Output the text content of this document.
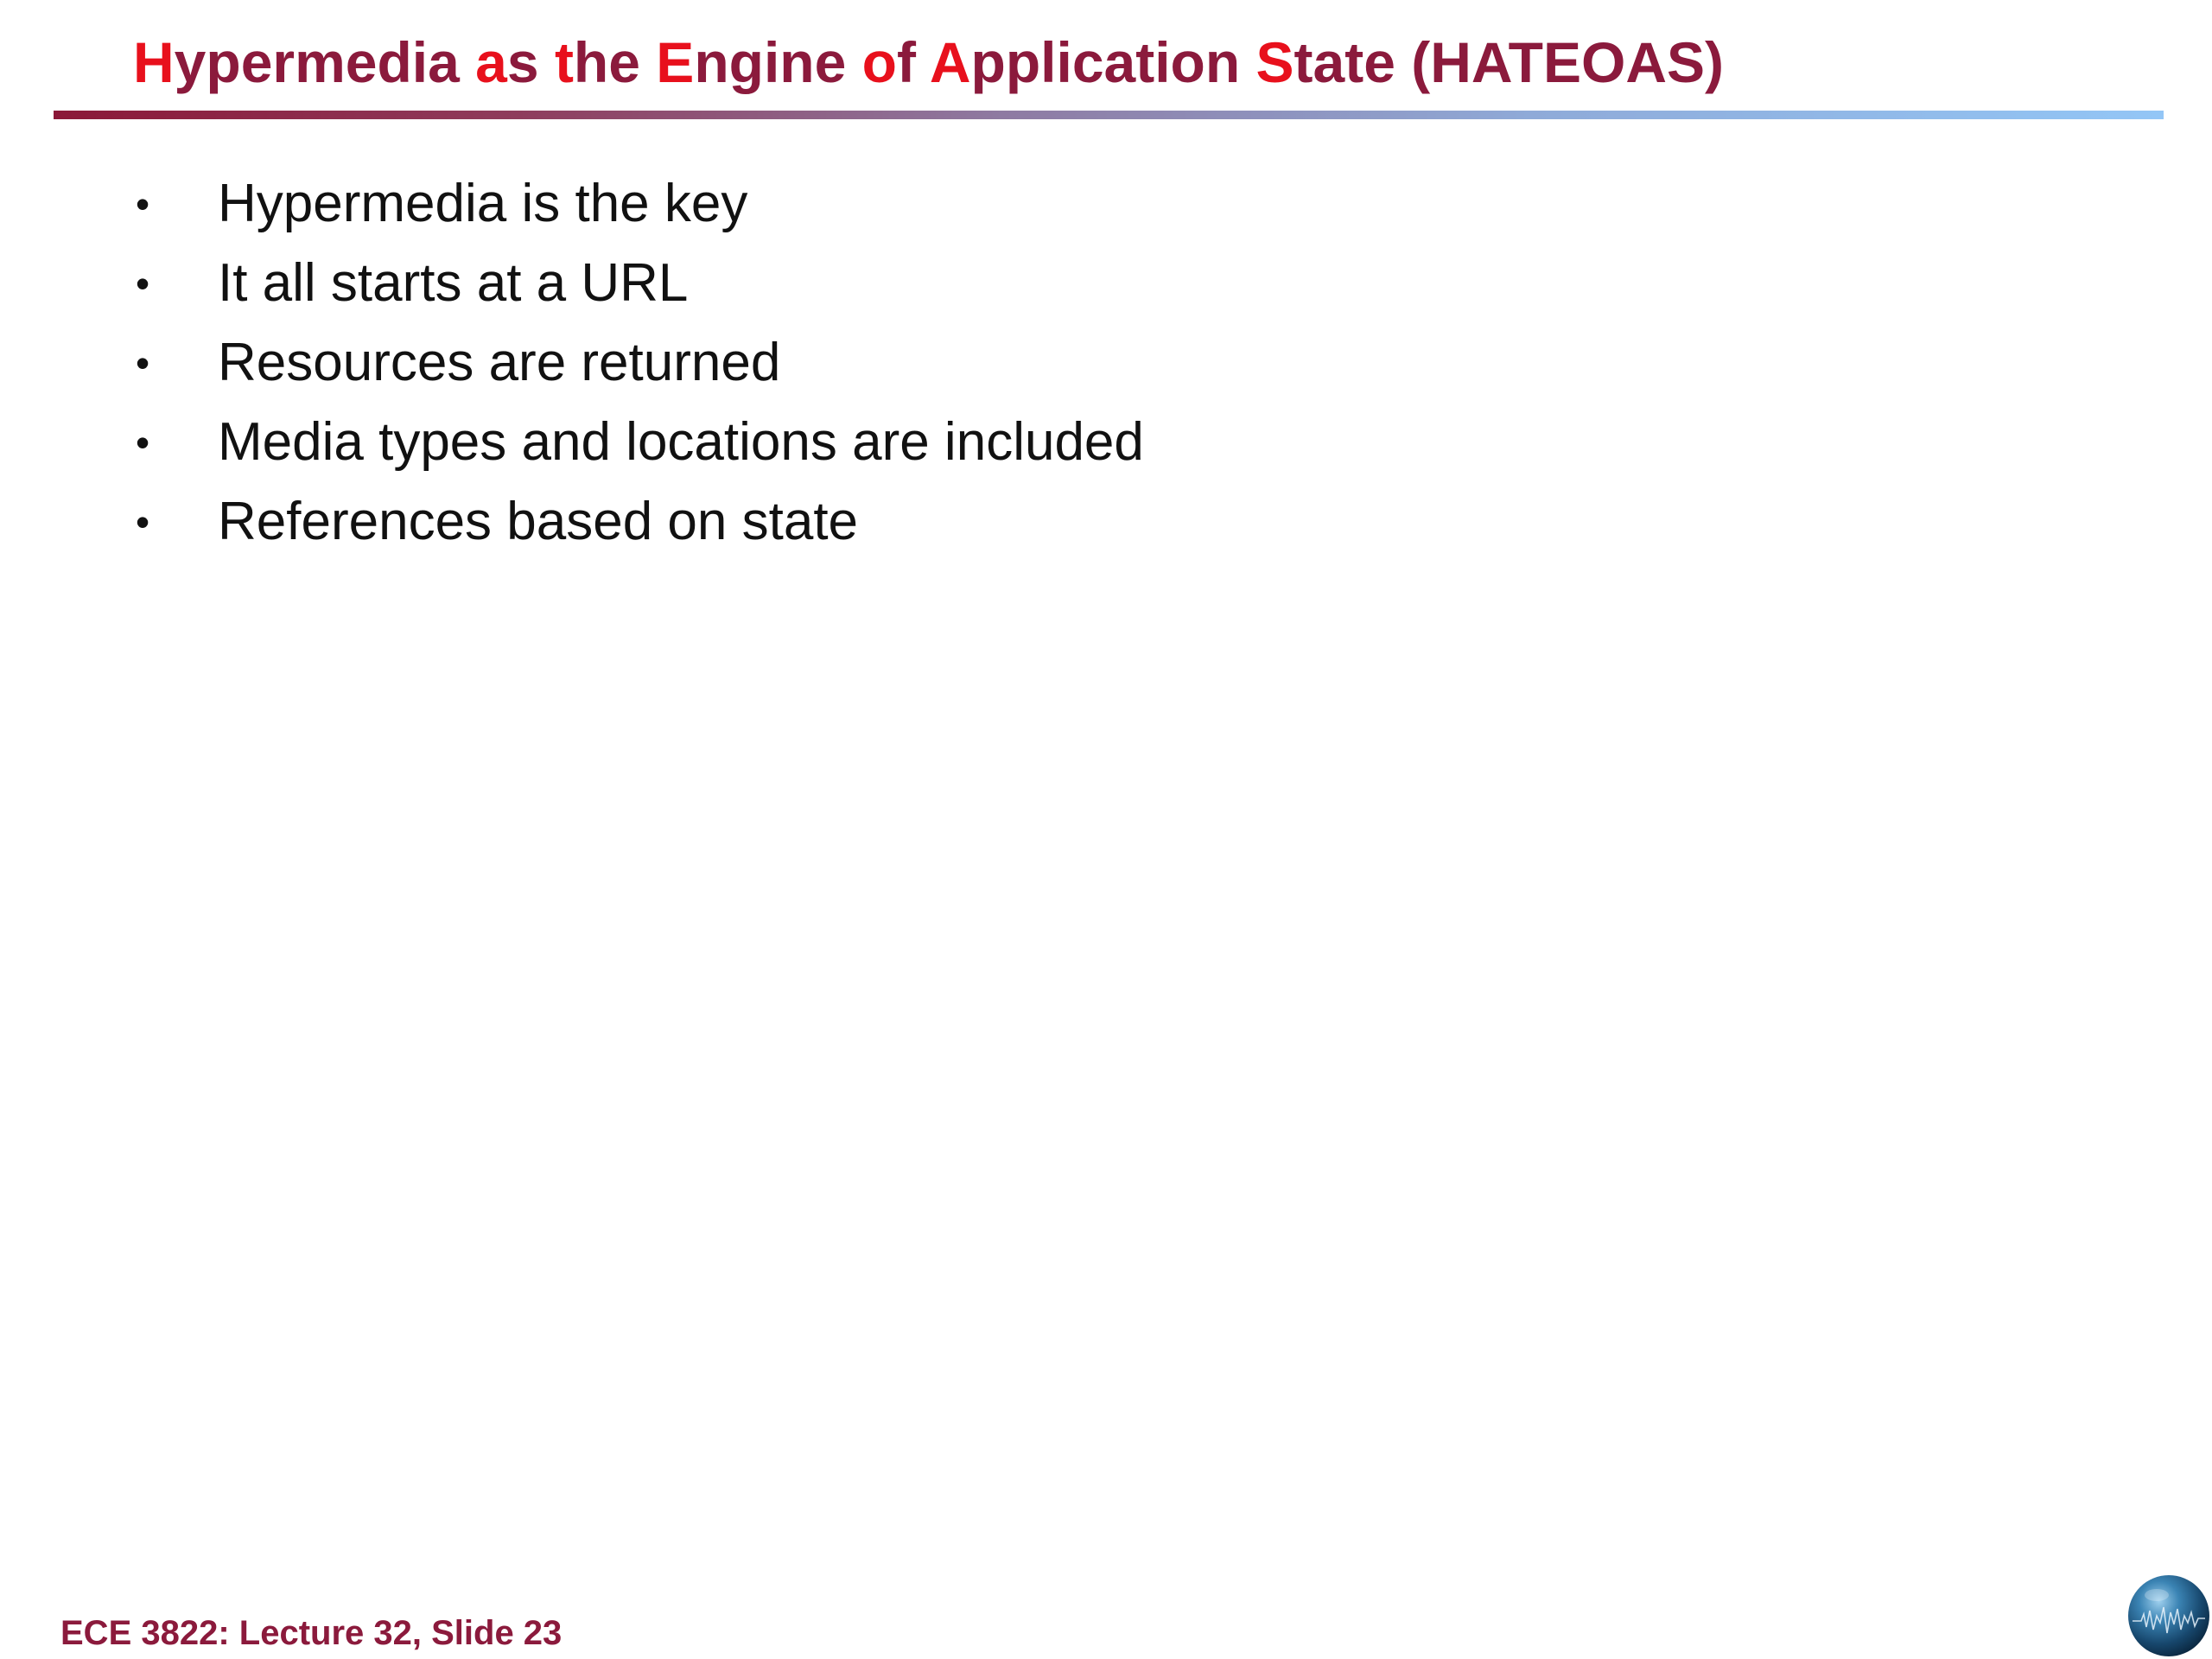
Hypermedia as the Engine of Application State (HATEOAS)
• Hypermedia is the key
• It all starts at a URL
• Resources are returned
• Media types and locations are included
• References based on state
ECE 3822: Lecture 32, Slide 23
